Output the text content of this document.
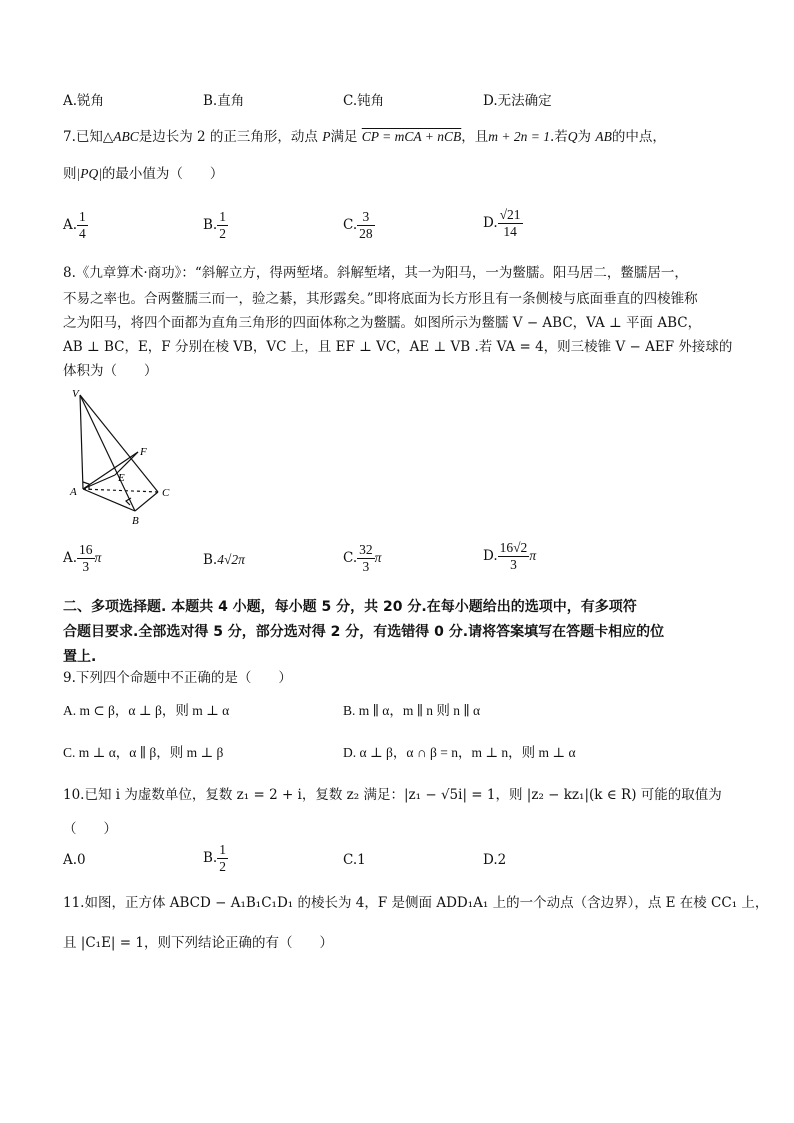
A.锐角	B.直角	C.钝角	D.无法确定
7.已知△ABC是边长为 2 的正三角形，动点 P满足 CP = mCA + nCB，且m + 2n = 1.若Q为 AB的中点，
则|PQ|的最小值为（　　）
A. $\frac{1}{4}$	B. $\frac{1}{2}$	C. $\frac{3}{28}$	D. $\frac{√21}{14}$
8.《九章算术·商功》：“斜解立方，得两堑堵。斜解堑堵，其一为阳马，一为鳖臑。阳马居二，鳖臑居一，
不易之率也。合两鳖臑三而一，验之綦，其形露矣。”即将底面为长方形且有一条侧棱与底面垂直的四棱锥称
之为阳马，将四个面都为直角三角形的四面体称之为鳖臑。如图所示为鳖臑 V − ABC，VA ⊥ 平面 ABC，
AB ⊥ BC，E，F 分别在棱 VB，VC 上，且 EF ⊥ VC，AE ⊥ VB .若 VA = 4，则三棱锥 V − AEF 外接球的
体积为（　　）
V
F
E
A	C
B
A. $\frac{16}{3}$ π	B.4√2π	C. $\frac{32}{3}$ π	D. $\frac{16√2}{3}$ π
二、多项选择题. 本题共 4 小题，每小题 5 分，共 20 分.在每小题给出的选项中，有多项符
合题目要求.全部选对得 5 分，部分选对得 2 分，有选错得 0 分.请将答案填写在答题卡相应的位
置上.
9.下列四个命题中不正确的是（　　）
A. m ⊂ β，α ⊥ β，则 m ⊥ α	B. m ∥ α，m ∥ n 则 n ∥ α
C. m ⊥ α，α ∥ β，则 m ⊥ β	D. α ⊥ β，α ∩ β = n，m ⊥ n，则 m ⊥ α
10.已知 i 为虚数单位，复数 z₁ = 2 + i，复数 z₂ 满足：|z₁ − √5i| = 1，则 |z₂ − kz₁|(k ∈ R) 可能的取值为
（　　）
A.0	B. $\frac{1}{2}$	C.1	D.2
11.如图，正方体 ABCD − A₁B₁C₁D₁ 的棱长为 4，F 是侧面 ADD₁A₁ 上的一个动点（含边界），点 E 在棱 CC₁ 上，
且 |C₁E| = 1，则下列结论正确的有（　　）
